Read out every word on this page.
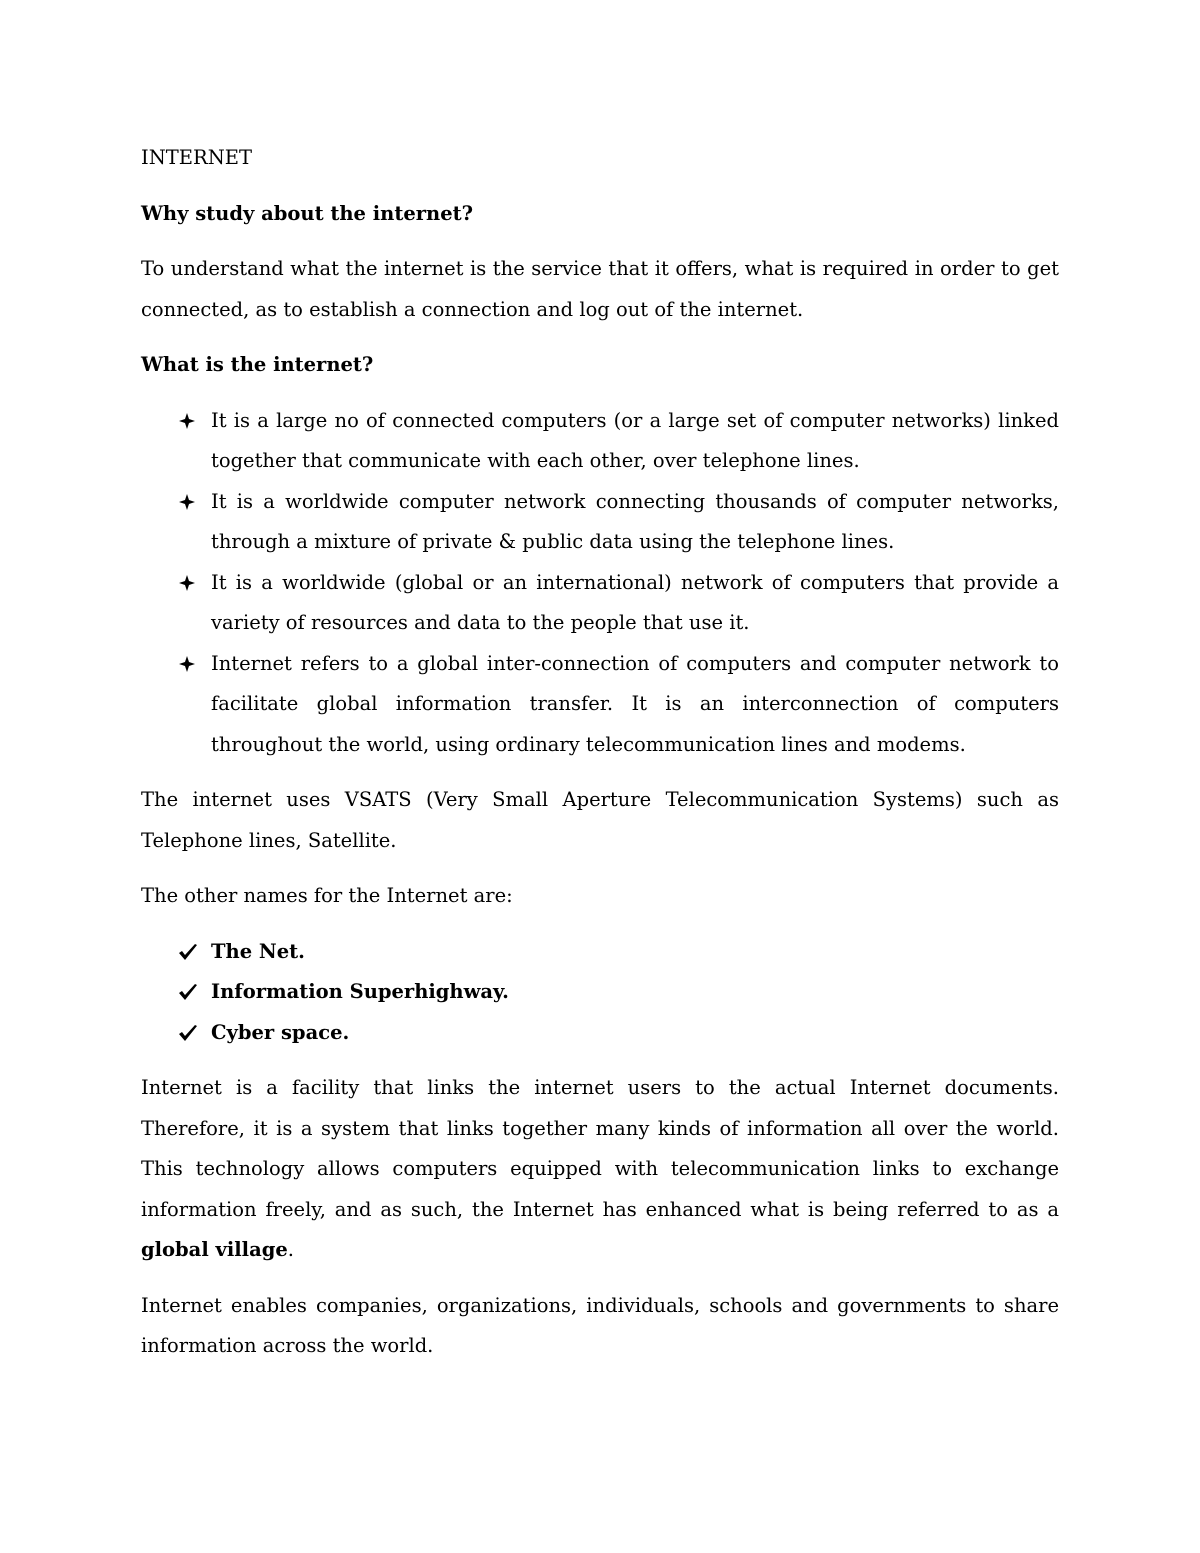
INTERNET

Why study about the internet?

To understand what the internet is the service that it offers, what is required in order to get connected, as to establish a connection and log out of the internet.

What is the internet?

It is a large no of connected computers (or a large set of computer networks) linked together that communicate with each other, over telephone lines.
It is a worldwide computer network connecting thousands of computer networks, through a mixture of private & public data using the telephone lines.
It is a worldwide (global or an international) network of computers that provide a variety of resources and data to the people that use it.
Internet refers to a global inter-connection of computers and computer network to facilitate global information transfer. It is an interconnection of computers throughout the world, using ordinary telecommunication lines and modems.

The internet uses VSATS (Very Small Aperture Telecommunication Systems) such as Telephone lines, Satellite.

The other names for the Internet are:

The Net.
Information Superhighway.
Cyber space.

Internet is a facility that links the internet users to the actual Internet documents. Therefore, it is a system that links together many kinds of information all over the world. This technology allows computers equipped with telecommunication links to exchange information freely, and as such, the Internet has enhanced what is being referred to as a global village.

Internet enables companies, organizations, individuals, schools and governments to share information across the world.
